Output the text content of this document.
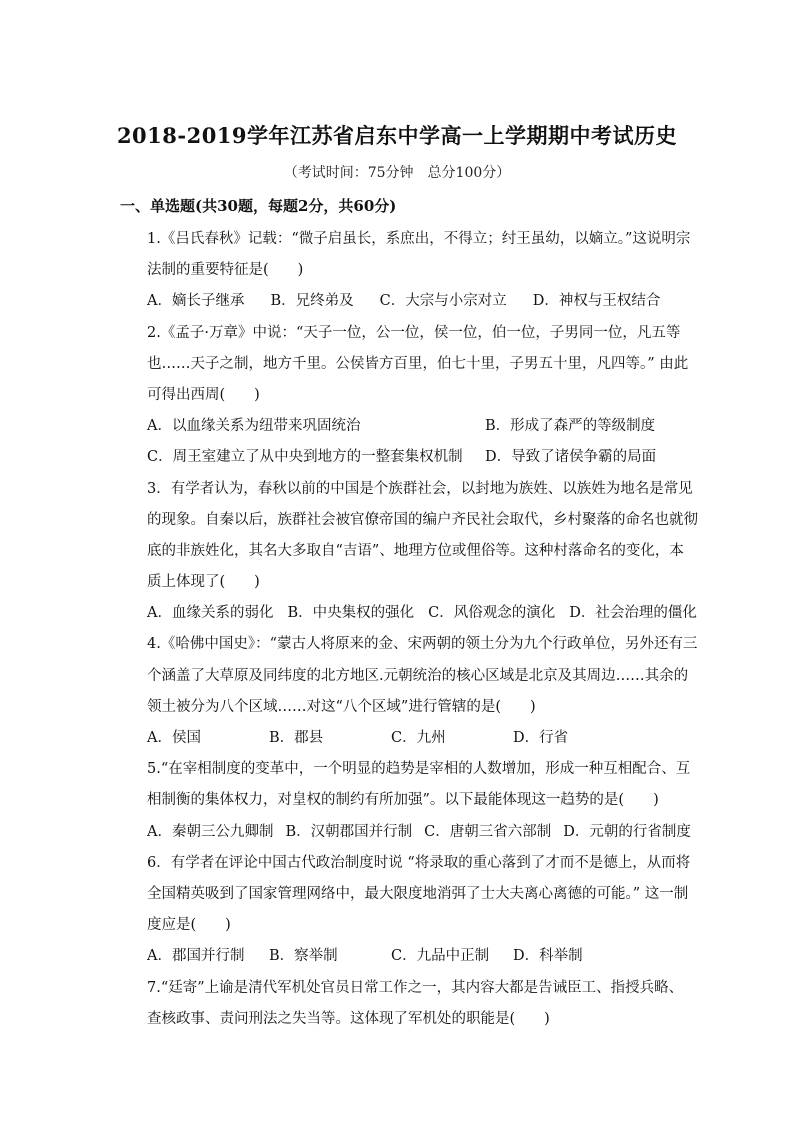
2018-2019学年江苏省启东中学高一上学期期中考试历史
（考试时间：75分钟　总分100分）
一、单选题(共30题，每题2分，共60分)
1.《吕氏春秋》记载：“微子启虽长，系庶出，不得立；纣王虽幼，以嫡立。”这说明宗
法制的重要特征是(　　)
A．嫡长子继承 B．兄终弟及 C．大宗与小宗对立 D．神权与王权结合
2.《孟子·万章》中说：“天子一位，公一位，侯一位，伯一位，子男同一位，凡五等
也……天子之制，地方千里。公侯皆方百里，伯七十里，子男五十里，凡四等。” 由此
可得出西周(　　)
A．以血缘关系为纽带来巩固统治	B．形成了森严的等级制度
C．周王室建立了从中央到地方的一整套集权机制	D．导致了诸侯争霸的局面
3．有学者认为，春秋以前的中国是个族群社会，以封地为族姓、以族姓为地名是常见
的现象。自秦以后，族群社会被官僚帝国的编户齐民社会取代，乡村聚落的命名也就彻
底的非族姓化，其名大多取自“吉语”、地理方位或俚俗等。这种村落命名的变化，本
质上体现了(　　)
A．血缘关系的弱化 B．中央集权的强化 C．风俗观念的演化 D．社会治理的僵化
4.《哈佛中国史》：“蒙古人将原来的金、宋两朝的领土分为九个行政单位，另外还有三
个涵盖了大草原及同纬度的北方地区.元朝统治的核心区域是北京及其周边……其余的
领土被分为八个区域……对这“八个区域”进行管辖的是(　　)
A．侯国	B．郡县	C．九州	D．行省
5.“在宰相制度的变革中，一个明显的趋势是宰相的人数增加，形成一种互相配合、互
相制衡的集体权力，对皇权的制约有所加强”。以下最能体现这一趋势的是(　　)
A．秦朝三公九卿制 B．汉朝郡国并行制 C．唐朝三省六部制 D．元朝的行省制度
6．有学者在评论中国古代政治制度时说 “将录取的重心落到了才而不是德上，从而将
全国精英吸到了国家管理网络中，最大限度地消弭了士大夫离心离德的可能。” 这一制
度应是(　　)
A．郡国并行制	B．察举制	C．九品中正制	D．科举制
7.“廷寄”上谕是清代军机处官员日常工作之一，其内容大都是告诫臣工、指授兵略、
查核政事、责问刑法之失当等。这体现了军机处的职能是(　　)
